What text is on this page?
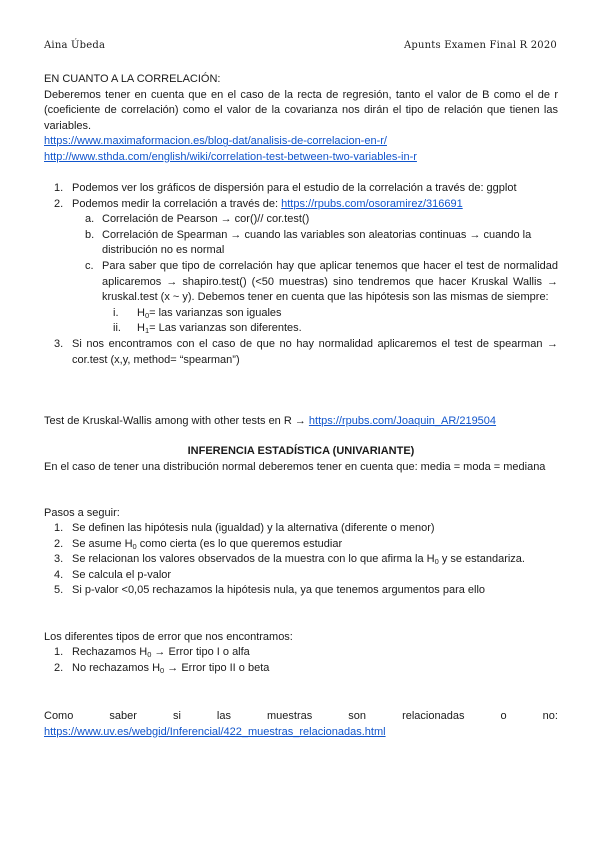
Aina Úbeda	Apunts Examen Final R 2020
EN CUANTO A LA CORRELACIÓN:
Deberemos tener en cuenta que en el caso de la recta de regresión, tanto el valor de B como el de r (coeficiente de correlación) como el valor de la covarianza nos dirán el tipo de relación que tienen las variables.
https://www.maximaformacion.es/blog-dat/analisis-de-correlacion-en-r/
http://www.sthda.com/english/wiki/correlation-test-between-two-variables-in-r
1. Podemos ver los gráficos de dispersión para el estudio de la correlación a través de: ggplot
2. Podemos medir la correlación a través de: https://rpubs.com/osoramirez/316691
a. Correlación de Pearson → cor()// cor.test()
b. Correlación de Spearman → cuando las variables son aleatorias continuas → cuando la distribución no es normal
c. Para saber que tipo de correlación hay que aplicar tenemos que hacer el test de normalidad aplicaremos → shapiro.test() (<50 muestras) sino tendremos que hacer Kruskal Wallis → kruskal.test (x ~ y). Debemos tener en cuenta que las hipótesis son las mismas de siempre:
i. $H_0=$ las varianzas son iguales
ii. $H_1=$ Las varianzas son diferentes.
3. Si nos encontramos con el caso de que no hay normalidad aplicaremos el test de spearman → cor.test (x,y, method= “spearman”)
Test de Kruskal-Wallis among with other tests en R → https://rpubs.com/Joaquin_AR/219504
INFERENCIA ESTADÍSTICA (UNIVARIANTE)
En el caso de tener una distribución normal deberemos tener en cuenta que: media = moda = mediana
Pasos a seguir:
1. Se definen las hipótesis nula (igualdad) y la alternativa (diferente o menor)
2. Se asume $H_0$ como cierta (es lo que queremos estudiar
3. Se relacionan los valores observados de la muestra con lo que afirma la $H_0$ y se estandariza.
4. Se calcula el p-valor
5. Si p-valor <0,05 rechazamos la hipótesis nula, ya que tenemos argumentos para ello
Los diferentes tipos de error que nos encontramos:
1. Rechazamos $H_0$ → Error tipo I o alfa
2. No rechazamos $H_0$ → Error tipo II o beta
Como	saber	si	las	muestras	son	relacionadas	o	no:
https://www.uv.es/webgid/Inferencial/422_muestras_relacionadas.html
